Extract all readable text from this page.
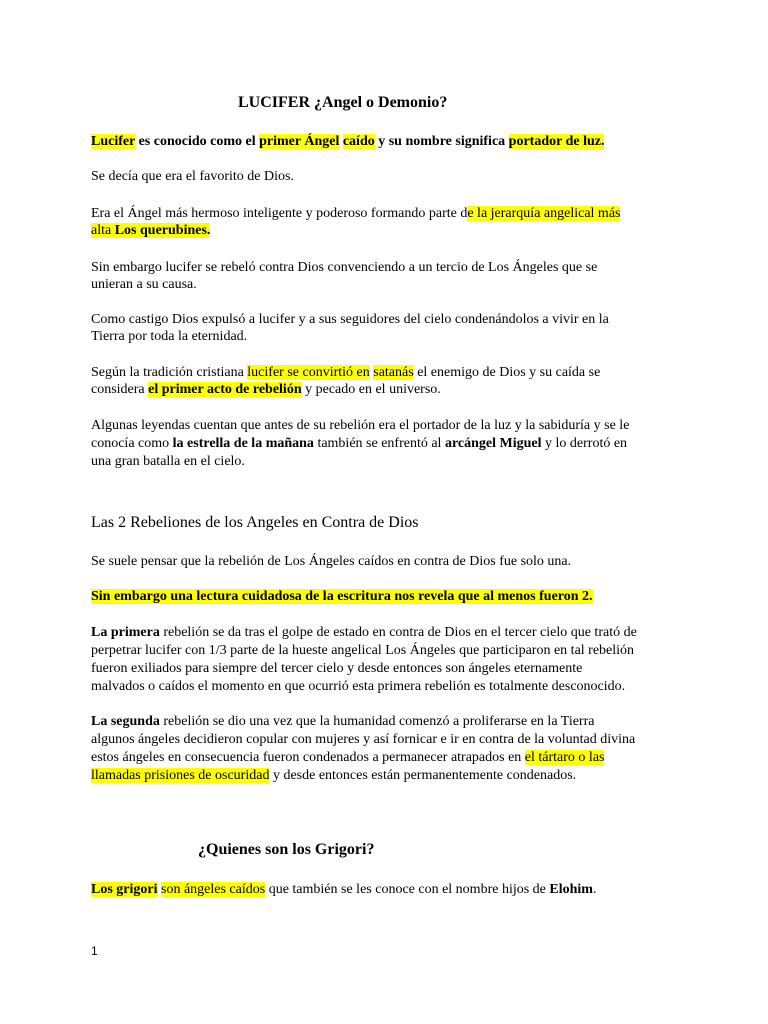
LUCIFER ¿Angel o Demonio?
Lucifer es conocido como el primer Ángel caído y su nombre significa portador de luz.
Se decía que era el favorito de Dios.
Era el Ángel más hermoso inteligente y poderoso formando parte de la jerarquía angelical más
alta Los querubines.
Sin embargo lucifer se rebeló contra Dios convenciendo a un tercio de Los Ángeles que se
unieran a su causa.
Como castigo Dios expulsó a lucifer y a sus seguidores del cielo condenándolos a vivir en la
Tierra por toda la eternidad.
Según la tradición cristiana lucifer se convirtió en satanás el enemigo de Dios y su caída se
considera el primer acto de rebelión y pecado en el universo.
Algunas leyendas cuentan que antes de su rebelión era el portador de la luz y la sabiduría y se le
conocía como la estrella de la mañana también se enfrentó al arcángel Miguel y lo derrotó en
una gran batalla en el cielo.
Las 2 Rebeliones de los Angeles en Contra de Dios
Se suele pensar que la rebelión de Los Ángeles caídos en contra de Dios fue solo una.
Sin embargo una lectura cuidadosa de la escritura nos revela que al menos fueron 2.
La primera rebelión se da tras el golpe de estado en contra de Dios en el tercer cielo que trató de
perpetrar lucifer con 1/3 parte de la hueste angelical Los Ángeles que participaron en tal rebelión
fueron exiliados para siempre del tercer cielo y desde entonces son ángeles eternamente
malvados o caídos el momento en que ocurrió esta primera rebelión es totalmente desconocido.
La segunda rebelión se dio una vez que la humanidad comenzó a proliferarse en la Tierra
algunos ángeles decidieron copular con mujeres y así fornicar e ir en contra de la voluntad divina
estos ángeles en consecuencia fueron condenados a permanecer atrapados en el tártaro o las
llamadas prisiones de oscuridad y desde entonces están permanentemente condenados.
¿Quienes son los Grigori?
Los grigori son ángeles caídos que también se les conoce con el nombre hijos de Elohim.
1
